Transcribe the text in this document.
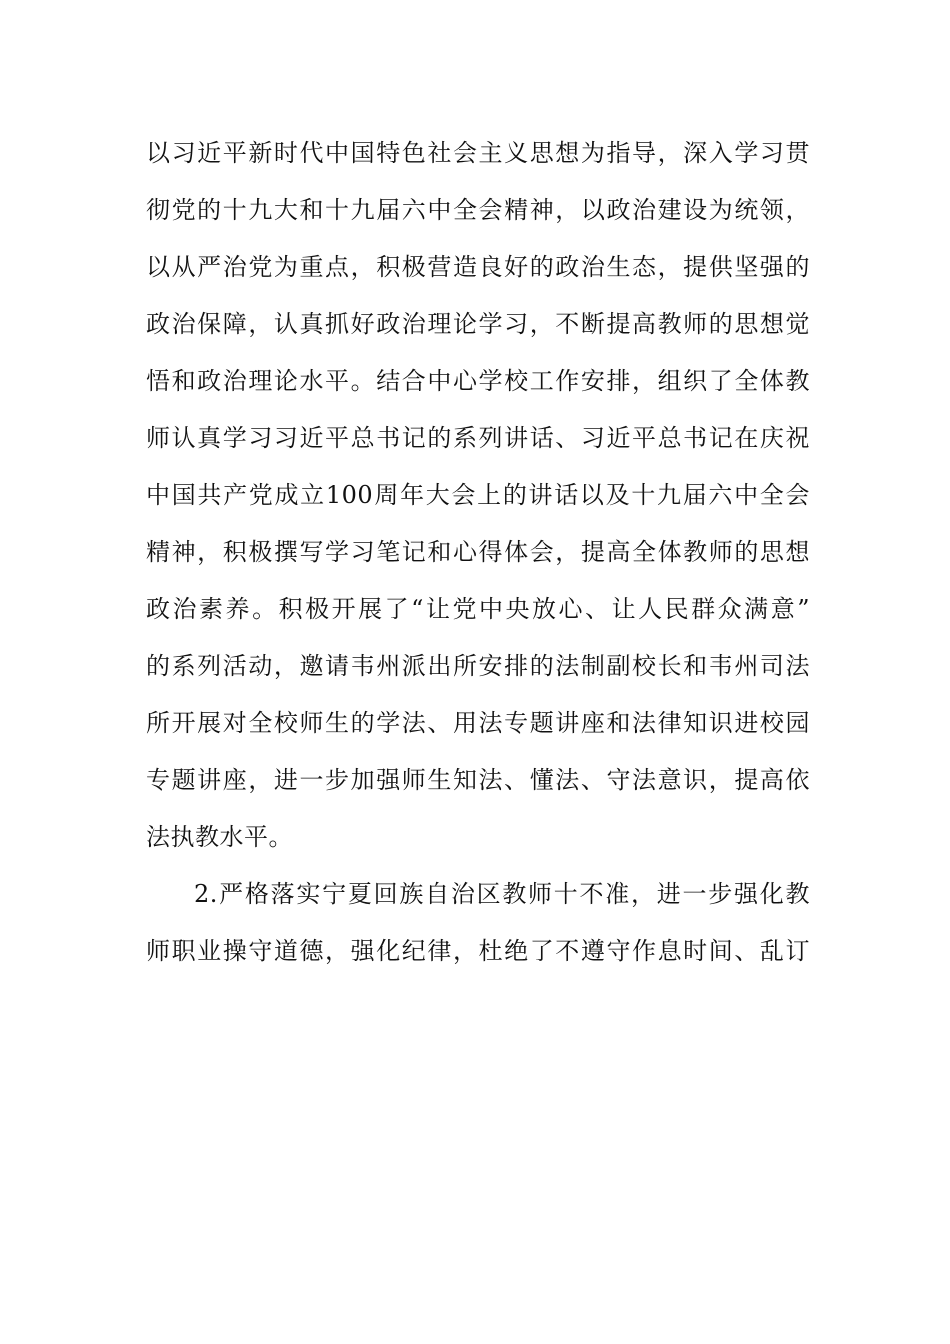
以习近平新时代中国特色社会主义思想为指导，深入学习贯
彻党的十九大和十九届六中全会精神，以政治建设为统领，
以从严治党为重点，积极营造良好的政治生态，提供坚强的
政治保障，认真抓好政治理论学习，不断提高教师的思想觉
悟和政治理论水平。结合中心学校工作安排，组织了全体教
师认真学习习近平总书记的系列讲话、习近平总书记在庆祝
中国共产党成立100周年大会上的讲话以及十九届六中全会
精神，积极撰写学习笔记和心得体会，提高全体教师的思想
政治素养。积极开展了“让党中央放心、让人民群众满意”
的系列活动，邀请韦州派出所安排的法制副校长和韦州司法
所开展对全校师生的学法、用法专题讲座和法律知识进校园
专题讲座，进一步加强师生知法、懂法、守法意识，提高依
法执教水平。
2.严格落实宁夏回族自治区教师十不准，进一步强化教
师职业操守道德，强化纪律，杜绝了不遵守作息时间、乱订
